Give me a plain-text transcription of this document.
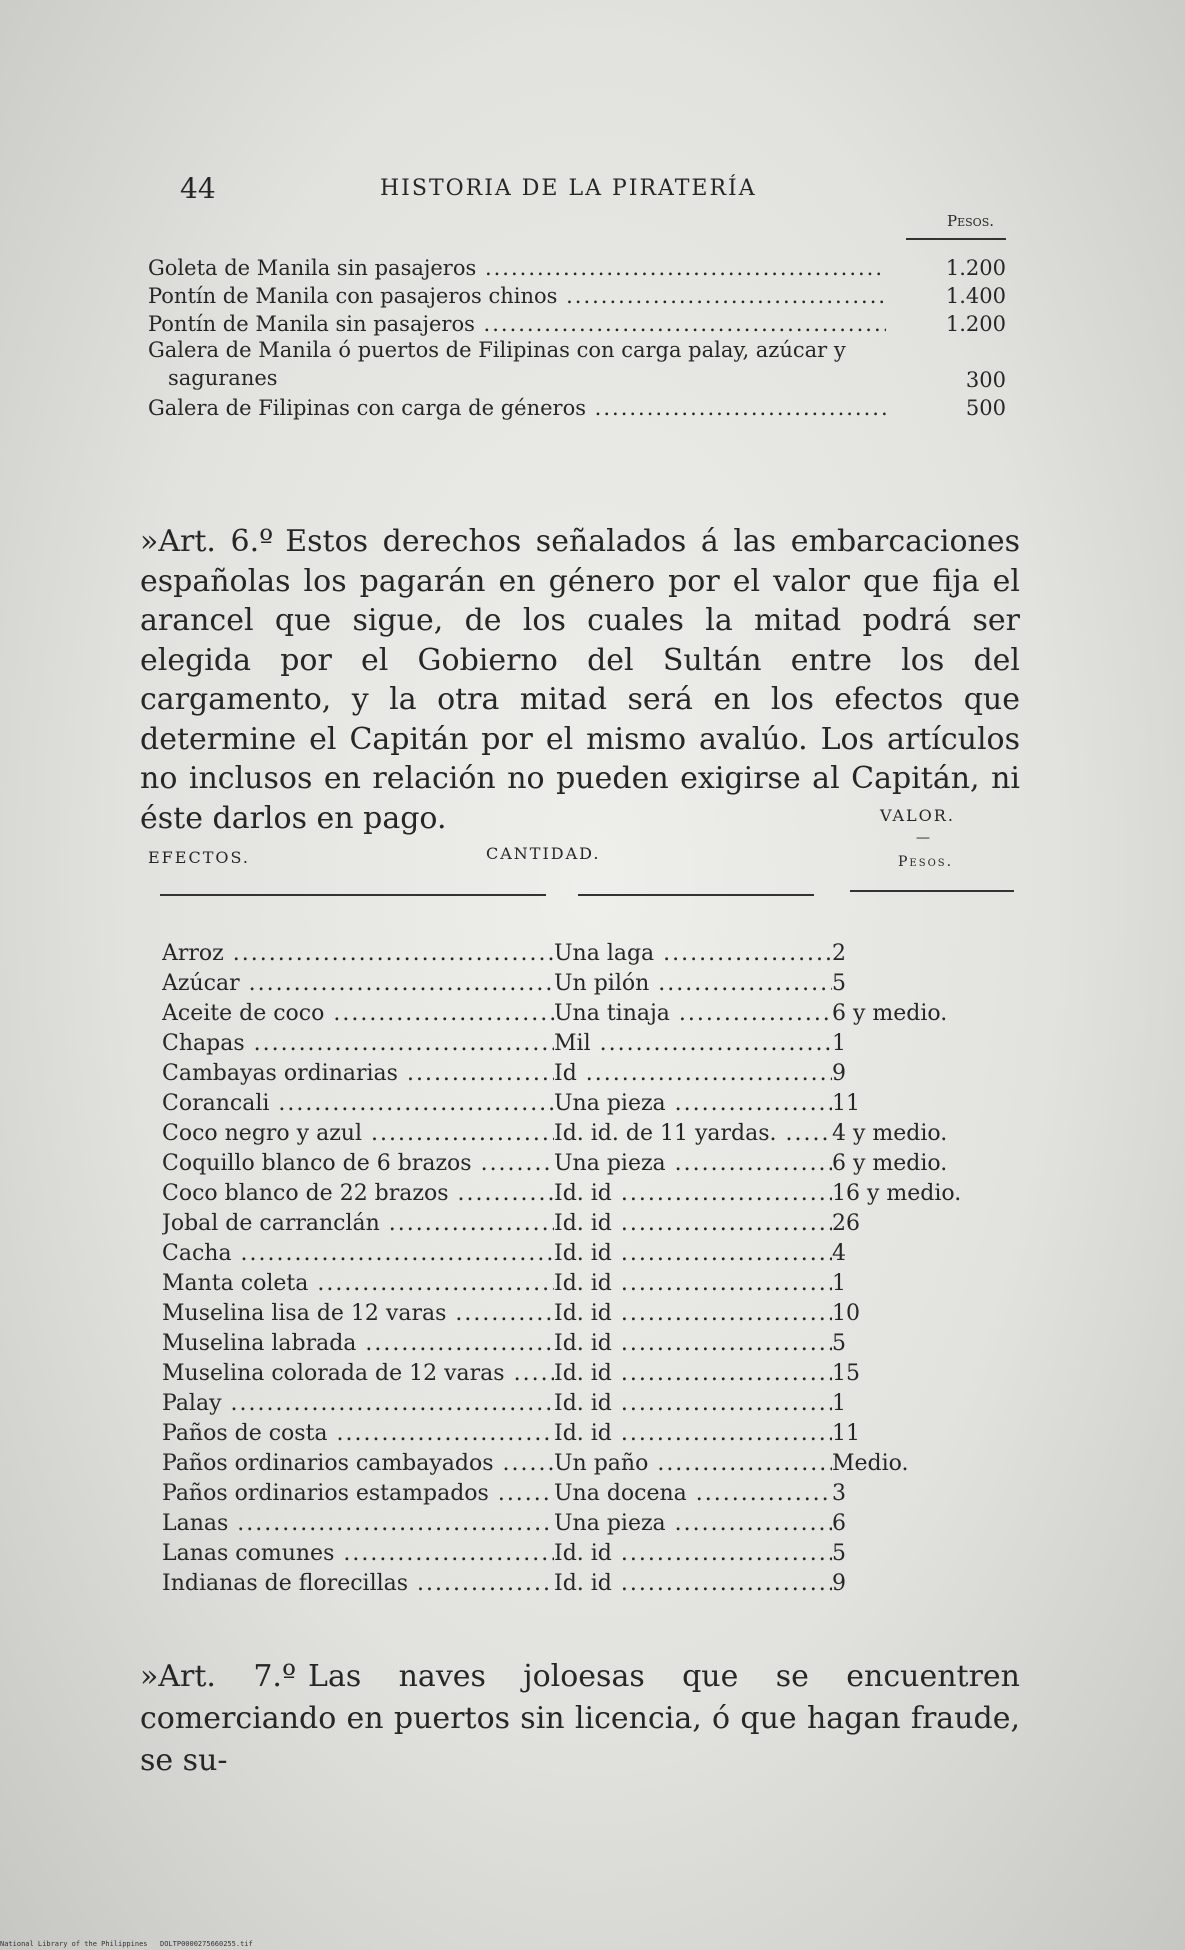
44	HISTORIA DE LA PIRATERÍA
Pesos.
Goleta de Manila sin pasajeros .....	1.200
Pontín de Manila con pasajeros chinos .....	1.400
Pontín de Manila sin pasajeros .....	1.200
Galera de Manila ó puertos de Filipinas con carga palay, azúcar y saguranes	300
Galera de Filipinas con carga de géneros .....	500

»Art. 6.º Estos derechos señalados á las embarcaciones españolas los pagarán en género por el valor que fija el arancel que sigue, de los cuales la mitad podrá ser elegida por el Gobierno del Sultán entre los del cargamento, y la otra mitad será en los efectos que determine el Capitán por el mismo avalúo. Los artículos no inclusos en relación no pueden exigirse al Capitán, ni éste darlos en pago.

EFECTOS.	CANTIDAD.
VALOR.
—
Pesos.
Arroz .....	Una laga .....	2
Azúcar .....	Un pilón .....	5
Aceite de coco .....	Una tinaja .....	6 y medio.
Chapas .....	Mil .....	1
Cambayas ordinarias .....	Id .....	9
Corancali .....	Una pieza .....	11
Coco negro y azul .....	Id. id. de 11 yardas. .....	4 y medio.
Coquillo blanco de 6 brazos .....	Una pieza .....	6 y medio.
Coco blanco de 22 brazos .....	Id. id .....	16 y medio.
Jobal de carranclán .....	Id. id .....	26
Cacha .....	Id. id .....	4
Manta coleta .....	Id. id .....	1
Muselina lisa de 12 varas .....	Id. id .....	10
Muselina labrada .....	Id. id .....	5
Muselina colorada de 12 varas .....	Id. id .....	15
Palay .....	Id. id .....	1
Paños de costa .....	Id. id .....	11
Paños ordinarios cambayados .....	Un paño .....	Medio.
Paños ordinarios estampados .....	Una docena .....	3
Lanas .....	Una pieza .....	6
Lanas comunes .....	Id. id .....	5
Indianas de florecillas .....	Id. id .....	9

»Art. 7.º Las naves joloesas que se encuentren comerciando en puertos sin licencia, ó que hagan fraude, se su-

National Library of the Philippines DOLTP0000275660255.tif
